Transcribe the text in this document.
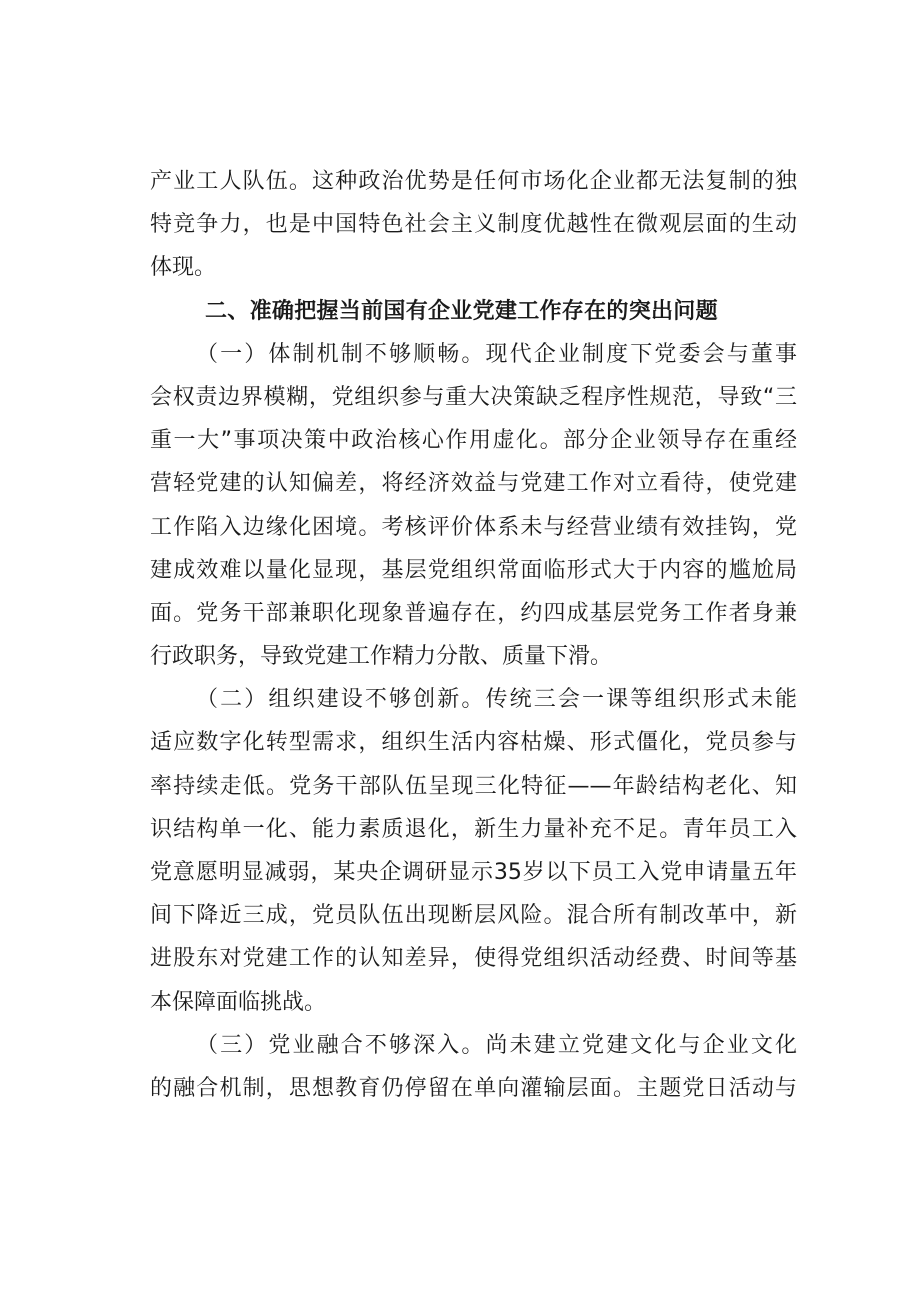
产业工人队伍。这种政治优势是任何市场化企业都无法复制的独
特竞争力，也是中国特色社会主义制度优越性在微观层面的生动
体现。
二、准确把握当前国有企业党建工作存在的突出问题
（一）体制机制不够顺畅。现代企业制度下党委会与董事
会权责边界模糊，党组织参与重大决策缺乏程序性规范，导致“三
重一大”事项决策中政治核心作用虚化。部分企业领导存在重经
营轻党建的认知偏差，将经济效益与党建工作对立看待，使党建
工作陷入边缘化困境。考核评价体系未与经营业绩有效挂钩，党
建成效难以量化显现，基层党组织常面临形式大于内容的尴尬局
面。党务干部兼职化现象普遍存在，约四成基层党务工作者身兼
行政职务，导致党建工作精力分散、质量下滑。
（二）组织建设不够创新。传统三会一课等组织形式未能
适应数字化转型需求，组织生活内容枯燥、形式僵化，党员参与
率持续走低。党务干部队伍呈现三化特征——年龄结构老化、知
识结构单一化、能力素质退化，新生力量补充不足。青年员工入
党意愿明显减弱，某央企调研显示35岁以下员工入党申请量五年
间下降近三成，党员队伍出现断层风险。混合所有制改革中，新
进股东对党建工作的认知差异，使得党组织活动经费、时间等基
本保障面临挑战。
（三）党业融合不够深入。尚未建立党建文化与企业文化
的融合机制，思想教育仍停留在单向灌输层面。主题党日活动与
